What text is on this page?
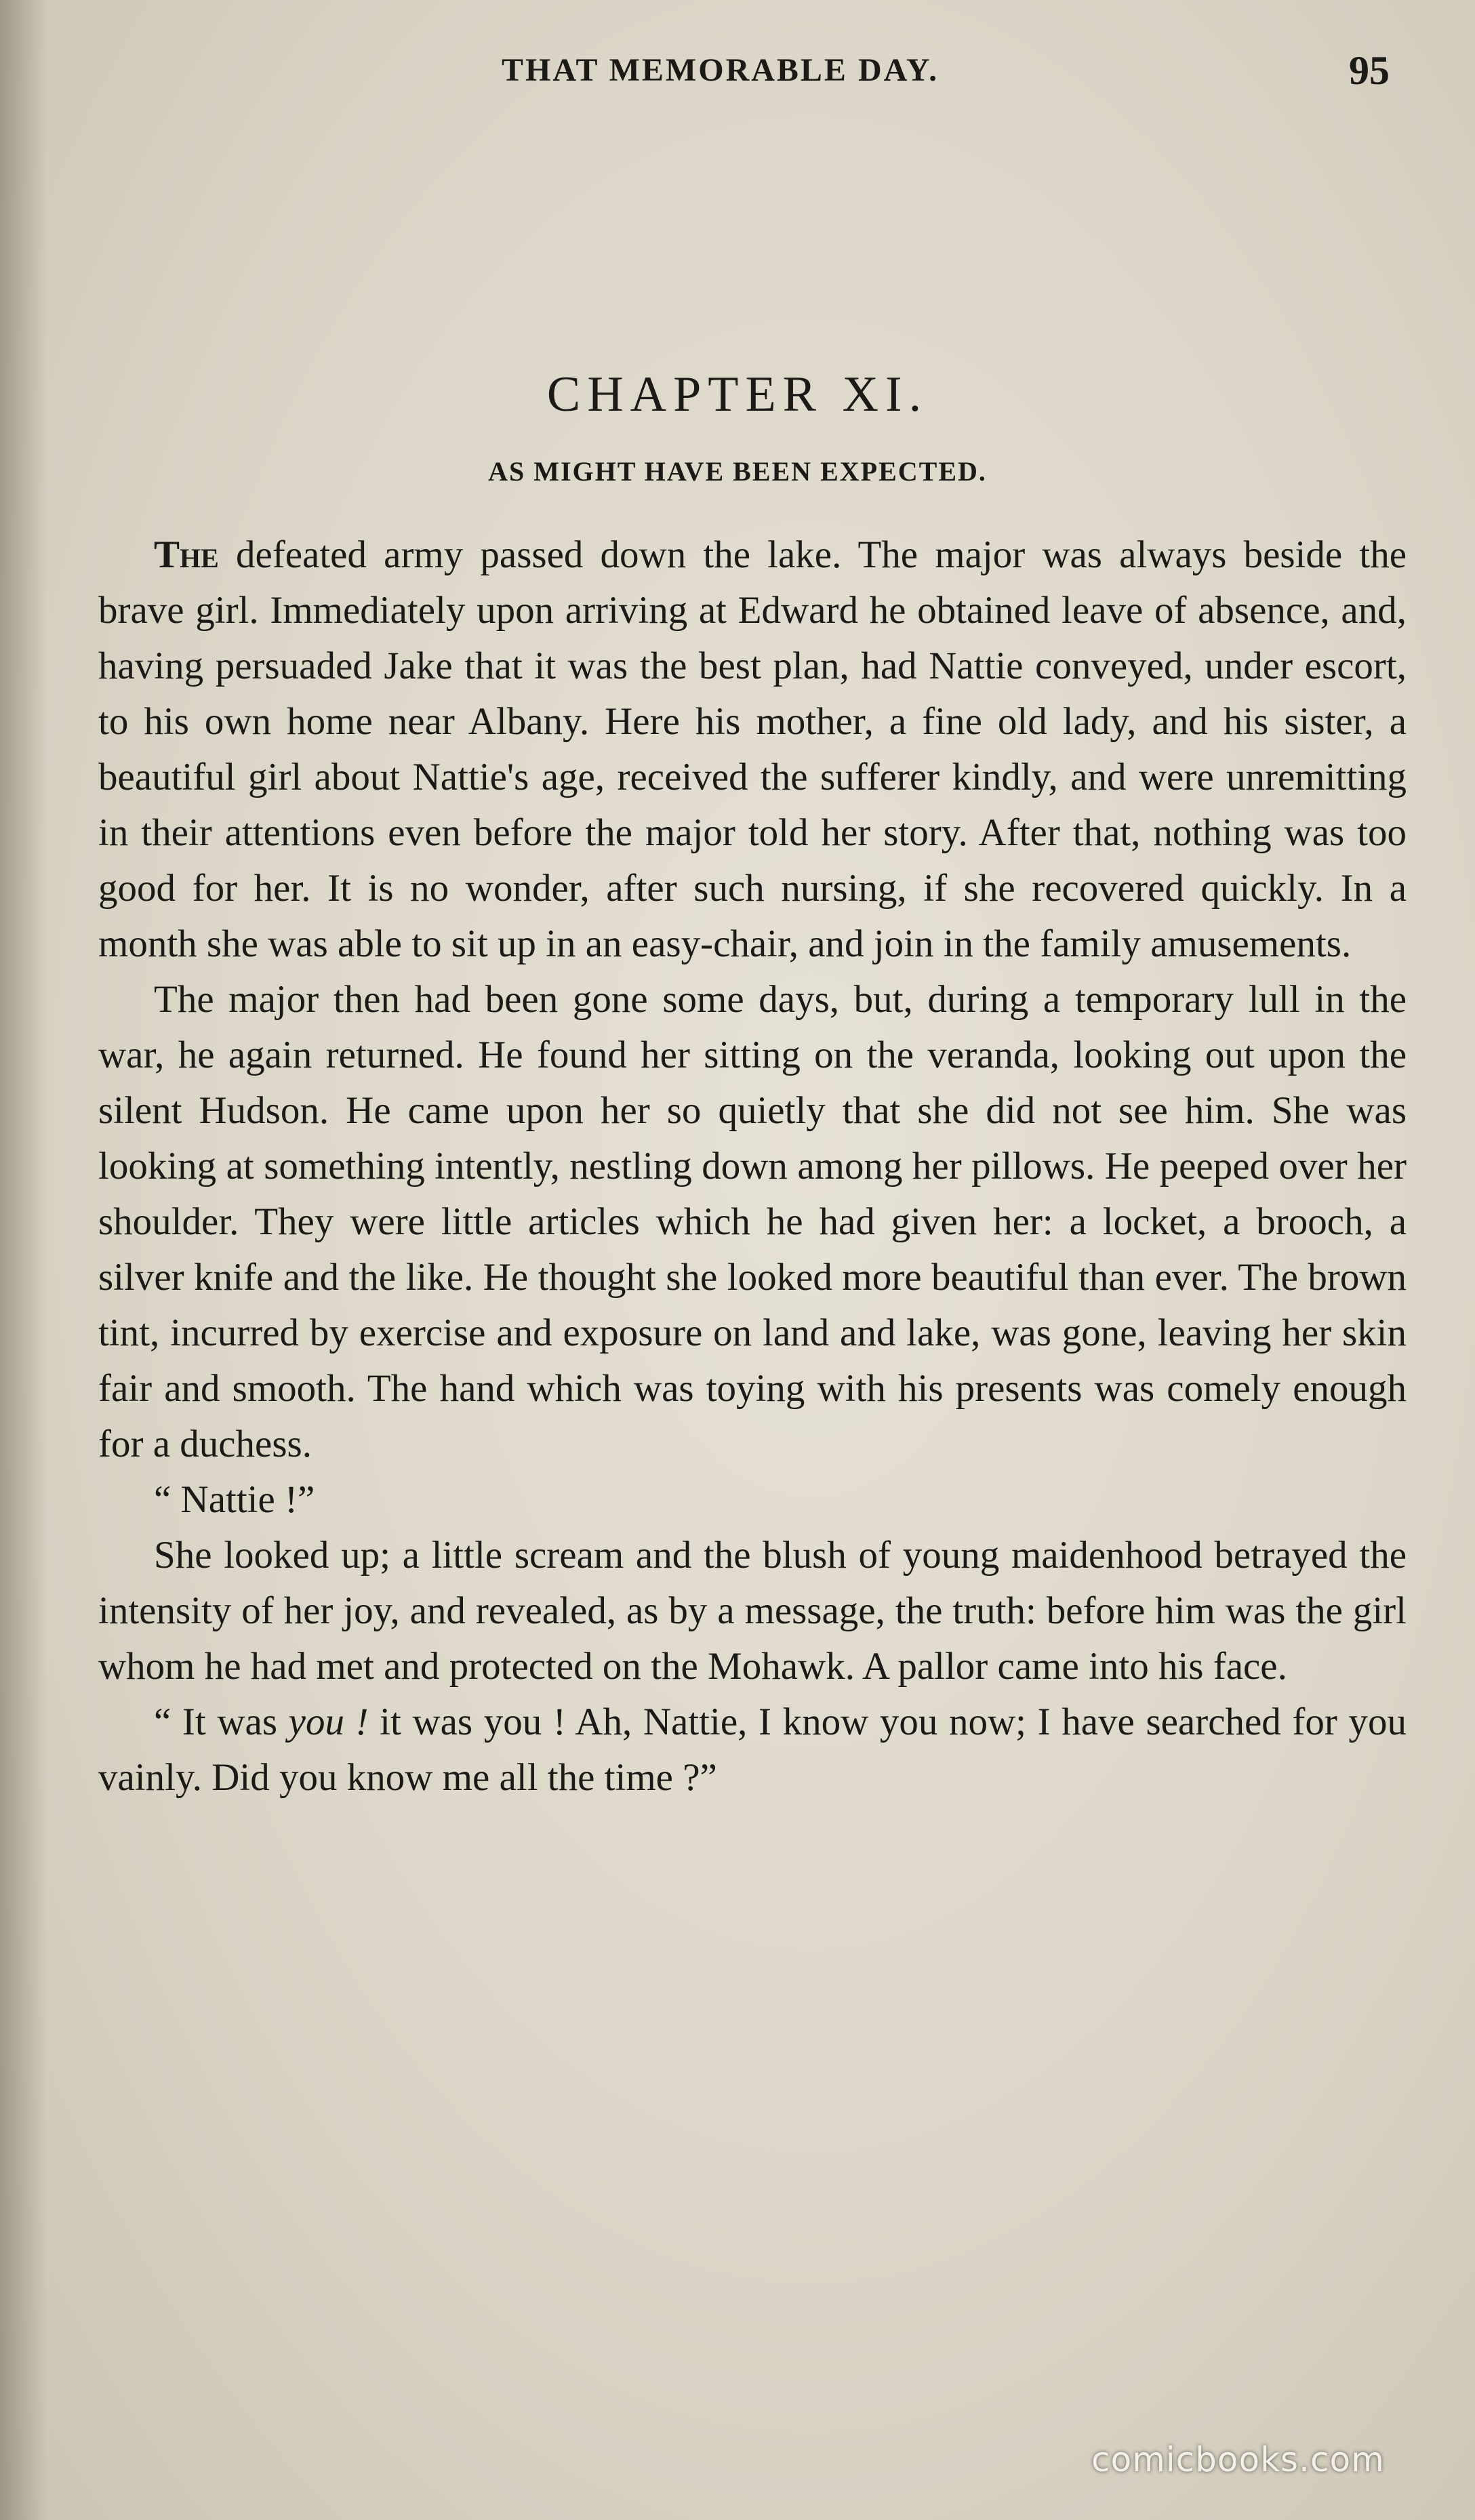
THAT MEMORABLE DAY.	95
CHAPTER XI.
AS MIGHT HAVE BEEN EXPECTED.

The defeated army passed down the lake. The major was always beside the brave girl. Immediately upon arriving at Edward he obtained leave of absence, and, having persuaded Jake that it was the best plan, had Nattie conveyed, under escort, to his own home near Albany. Here his mother, a fine old lady, and his sister, a beautiful girl about Nattie's age, received the sufferer kindly, and were unremitting in their attentions even before the major told her story. After that, nothing was too good for her. It is no wonder, after such nursing, if she recovered quickly. In a month she was able to sit up in an easy-chair, and join in the family amusements.

The major then had been gone some days, but, during a temporary lull in the war, he again returned. He found her sitting on the veranda, looking out upon the silent Hudson. He came upon her so quietly that she did not see him. She was looking at something intently, nestling down among her pillows. He peeped over her shoulder. They were little articles which he had given her: a locket, a brooch, a silver knife and the like. He thought she looked more beautiful than ever. The brown tint, incurred by exercise and exposure on land and lake, was gone, leaving her skin fair and smooth. The hand which was toying with his presents was comely enough for a duchess.

“ Nattie !”

She looked up; a little scream and the blush of young maidenhood betrayed the intensity of her joy, and revealed, as by a message, the truth: before him was the girl whom he had met and protected on the Mohawk. A pallor came into his face.

“ It was you ! it was you ! Ah, Nattie, I know you now; I have searched for you vainly. Did you know me all the time ?”

comicbooks.com
